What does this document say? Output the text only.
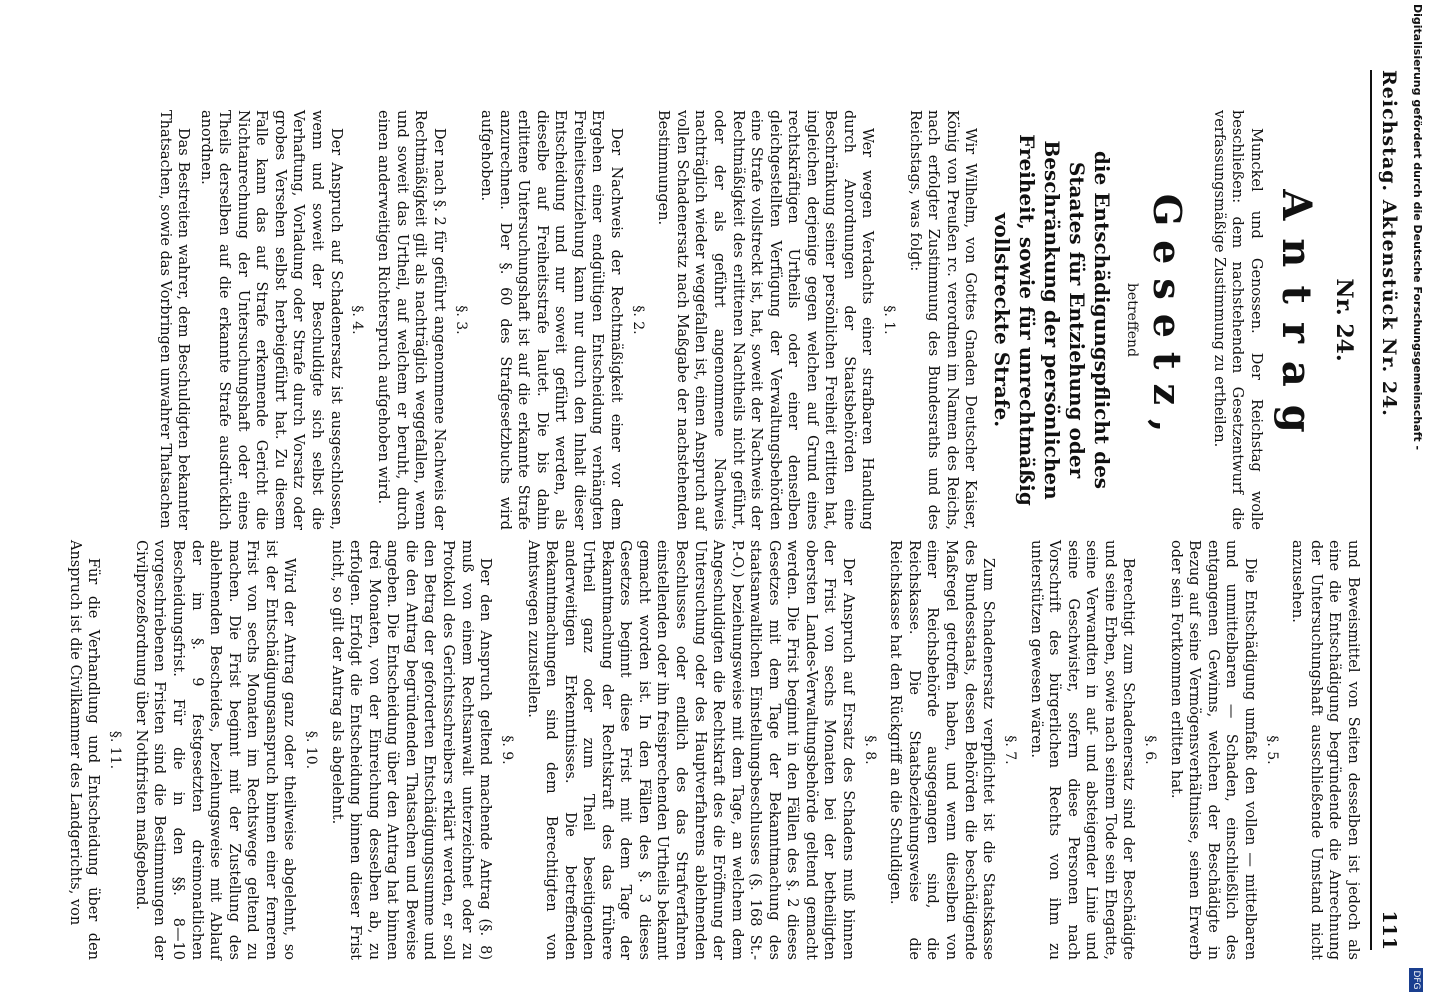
Reichstag. Aktenstück Nr. 24.
111
Nr. 24.
Antrag

Munckel und Genossen. Der Reichstag wolle beschließen: dem nachstehenden Gesetzentwurf die verfassungsmäßige Zustimmung zu ertheilen.

Gesetz,
betreffend
die Entschädigungspflicht des Staates für Entziehung oder Beschränkung der persönlichen Freiheit, sowie für unrechtmäßig vollstreckte Strafe.

Wir Wilhelm, von Gottes Gnaden Deutscher Kaiser, König von Preußen rc. verordnen im Namen des Reichs, nach erfolgter Zustimmung des Bundesraths und des Reichstags, was folgt:

§. 1.

Wer wegen Verdachts einer strafbaren Handlung durch Anordnungen der Staatsbehörden eine Beschränkung seiner persönlichen Freiheit erlitten hat, ingleichen derjenige gegen welchen auf Grund eines rechtskräftigen Urtheils oder einer denselben gleichgestellten Verfügung der Verwaltungsbehörden eine Strafe vollstreckt ist, hat, soweit der Nachweis der Rechtmäßigkeit des erlittenen Nachtheils nicht geführt, oder der als geführt angenommene Nachweis nachträglich wieder weggefallen ist, einen Anspruch auf vollen Schadenersatz nach Maßgabe der nachstehenden Bestimmungen.

§. 2.

Der Nachweis der Rechtmäßigkeit einer vor dem Ergehen einer endgültigen Entscheidung verhängten Freiheitsentziehung kann nur durch den Inhalt dieser Entscheidung und nur soweit geführt werden, als dieselbe auf Freiheitsstrafe lautet. Die bis dahin erlittene Untersuchungshaft ist auf die erkannte Strafe anzurechnen. Der §. 60 des Strafgesetzbuchs wird aufgehoben.

§. 3.

Der nach §. 2 für geführt angenommene Nachweis der Rechtmäßigkeit gilt als nachträglich weggefallen, wenn und soweit das Urtheil, auf welchem er beruht, durch einen anderweitigen Richterspruch aufgehoben wird.

§. 4.

Der Anspruch auf Schadenersatz ist ausgeschlossen, wenn und soweit der Beschuldigte sich selbst die Verhaftung, Vorladung oder Strafe durch Vorsatz oder grobes Versehen selbst herbeigeführt hat. Zu diesem Falle kann das auf Strafe erkennende Gericht die Nichtanrechnung der Untersuchungshaft oder eines Theils derselben auf die erkannte Strafe ausdrücklich anordnen.

Das Bestreiten wahrer, dem Beschuldigten bekannter Thatsachen, sowie das Vorbringen unwahrer Thatsachen

und Beweismittel von Seiten desselben ist jedoch als eine die Entschädigung begründende die Anrechnung der Untersuchungshaft ausschließende Umstand nicht anzusehen.

§. 5.

Die Entschädigung umfaßt den vollen — mittelbaren und unmittelbaren — Schaden, einschließlich des entgangenen Gewinns, welchen der Beschädigte in Bezug auf seine Vermögensverhältnisse, seinen Erwerb oder sein Fortkommen erlitten hat.

§. 6.

Berechtigt zum Schadenersatz sind der Beschädigte und seine Erben, sowie nach seinem Tode sein Ehegatte, seine Verwandten in auf- und absteigender Linie und seine Geschwister, sofern diese Personen nach Vorschrift des bürgerlichen Rechts von ihm zu unterstützen gewesen wären.

§. 7.

Zum Schadenersatz verpflichtet ist die Staatskasse des Bundesstaats, dessen Behörden die beschädigende Maßregel getroffen haben, und wenn dieselben von einer Reichsbehörde ausgegangen sind, die Reichskasse. Die Staatsbeziehungsweise die Reichskasse hat den Rückgriff an die Schuldigen.

§. 8.

Der Anspruch auf Ersatz des Schadens muß binnen der Frist von sechs Monaten bei der betheiligten obersten Landes-Verwaltungsbehörde geltend gemacht werden. Die Frist beginnt in den Fällen des §. 2 dieses Gesetzes mit dem Tage der Bekanntmachung des staatsanwaltlichen Einstellungsbeschlusses (§. 168 St.-P.-O.) beziehungsweise mit dem Tage, an welchem dem Angeschuldigten die Rechtskraft des die Eröffnung der Untersuchung oder des Hauptverfahrens ablehnenden Beschlusses oder endlich des das Strafverfahren einstellenden oder ihn freisprechenden Urtheils bekannt gemacht worden ist. In den Fällen des §. 3 dieses Gesetzes beginnt diese Frist mit dem Tage der Bekanntmachung der Rechtskraft des das frühere Urtheil ganz oder zum Theil beseitigenden anderweitigen Erkenntnisses. Die betreffenden Bekanntmachungen sind dem Berechtigten von Amtswegen zuzustellen.

§. 9.

Der den Anspruch geltend machende Antrag (§. 8) muß von einem Rechtsanwalt unterzeichnet oder zu Protokoll des Gerichtsschreibers erklärt werden, er soll den Betrag der geforderten Entschädigungssumme und die den Antrag begründenden Thatsachen und Beweise angeben. Die Entscheidung über den Antrag hat binnen drei Monaten, von der Einreichung desselben ab, zu erfolgen. Erfolgt die Entscheidung binnen dieser Frist nicht, so gilt der Antrag als abgelehnt.

§. 10.

Wird der Antrag ganz oder theilweise abgelehnt, so ist der Entschädigungsanspruch binnen einer ferneren Frist von sechs Monaten im Rechtswege geltend zu machen. Die Frist beginnt mit der Zustellung des ablehnenden Bescheides, beziehungsweise mit Ablauf der im §. 9 festgesetzten dreimonatlichen Bescheidungsfrist. Für die in den §§. 8—10 vorgeschriebenen Fristen sind die Bestimmungen der Civilprozeßordnung über Nothfristen maßgebend.

§. 11.

Für die Verhandlung und Entscheidung über den Anspruch ist die Civilkammer des Landgerichts, von

Digitalisierung gefördert durch die Deutsche Forschungsgemeinschaft -
DFG
